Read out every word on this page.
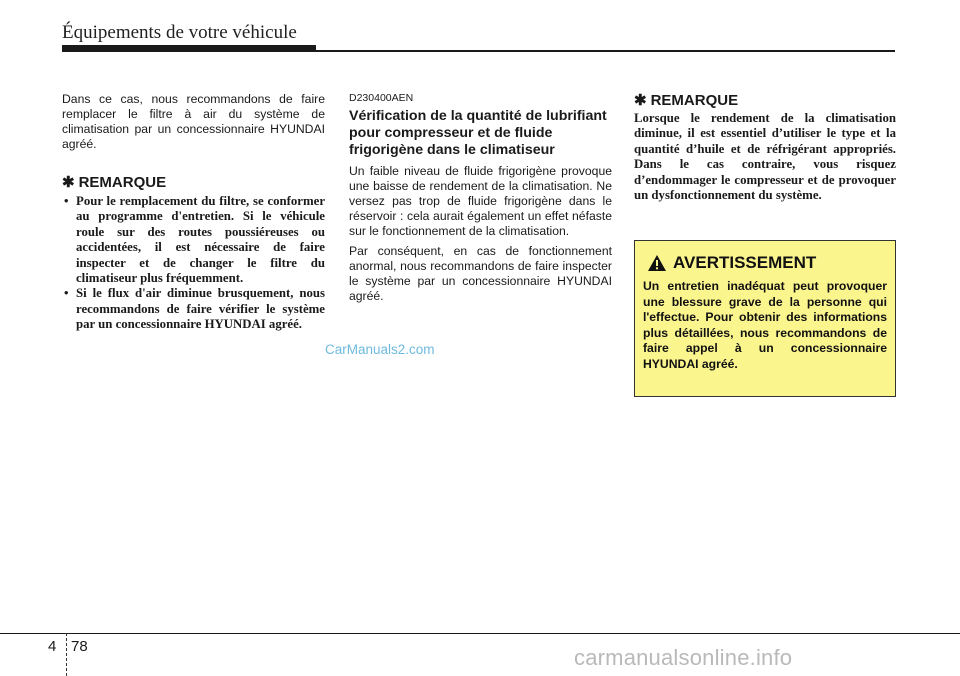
Équipements de votre véhicule

Dans ce cas, nous recommandons de faire remplacer le filtre à air du système de climatisation par un concessionnaire HYUNDAI agréé.

✱ REMARQUE

• Pour le remplacement du filtre, se conformer au programme d'entretien. Si le véhicule roule sur des routes poussiéreuses ou accidentées, il est nécessaire de faire inspecter et de changer le filtre du climatiseur plus fréquemment.
• Si le flux d'air diminue brusquement, nous recommandons de faire vérifier le système par un concessionnaire HYUNDAI agréé.

D230400AEN

Vérification de la quantité de lubrifiant pour compresseur et de fluide frigorigène dans le climatiseur

Un faible niveau de fluide frigorigène provoque une baisse de rendement de la climatisation. Ne versez pas trop de fluide frigorigène dans le réservoir : cela aurait également un effet néfaste sur le fonctionnement de la climatisation.

Par conséquent, en cas de fonctionnement anormal, nous recommandons de faire inspecter le système par un concessionnaire HYUNDAI agréé.

✱ REMARQUE

Lorsque le rendement de la climatisation diminue, il est essentiel d’utiliser le type et la quantité d’huile et de réfrigérant appropriés. Dans le cas contraire, vous risquez d’endommager le compresseur et de provoquer un dysfonctionnement du système.

AVERTISSEMENT

Un entretien inadéquat peut provoquer une blessure grave de la personne qui l'effectue. Pour obtenir des informations plus détaillées, nous recommandons de faire appel à un concessionnaire HYUNDAI agréé.

CarManuals2.com
carmanualsonline.info
4 78
